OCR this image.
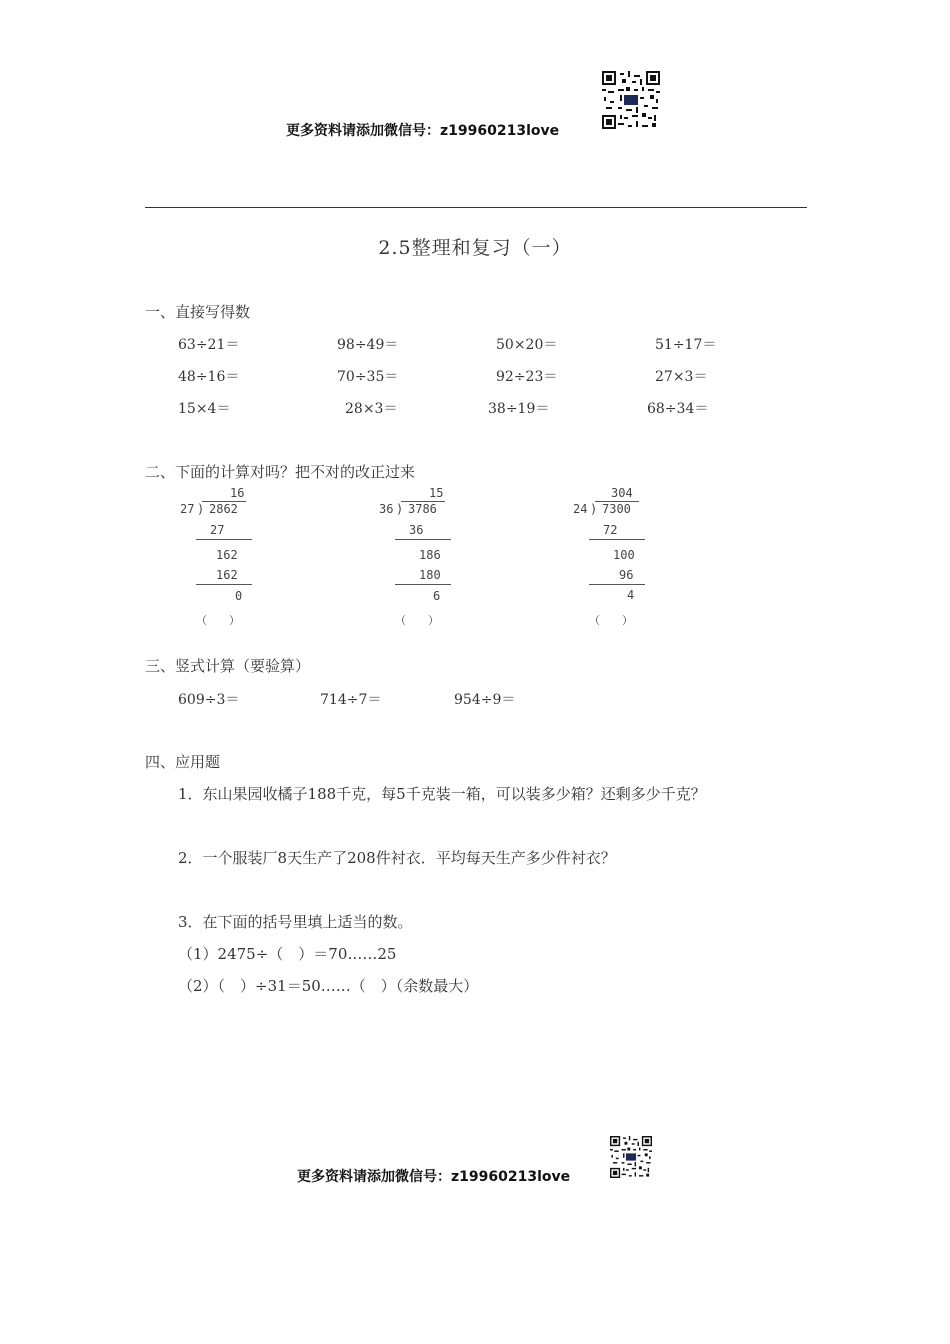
更多资料请添加微信号：z19960213love
2.5整理和复习（一）
一、直接写得数
63÷21＝	98÷49＝	50×20＝	51÷17＝
48÷16＝	70÷35＝	92÷23＝	27×3＝
15×4＝	28×3＝	38÷19＝	68÷34＝
二、下面的计算对吗？把不对的改正过来
16
27 ) 2862
27
162
162
0
（　　）
15
36 ) 3786
36
186
180
6
（　　）
304
24 ) 7300
72
100
96
4
（　　）
三、竖式计算（要验算）
609÷3＝	714÷7＝	954÷9＝
四、应用题
1．东山果园收橘子188千克，每5千克装一箱，可以装多少箱？还剩多少千克？
2．一个服装厂8天生产了208件衬衣．平均每天生产多少件衬衣？
3．在下面的括号里填上适当的数。
（1）2475÷（　）＝70……25
（2）（　）÷31＝50……（　）（余数最大）
更多资料请添加微信号：z19960213love
